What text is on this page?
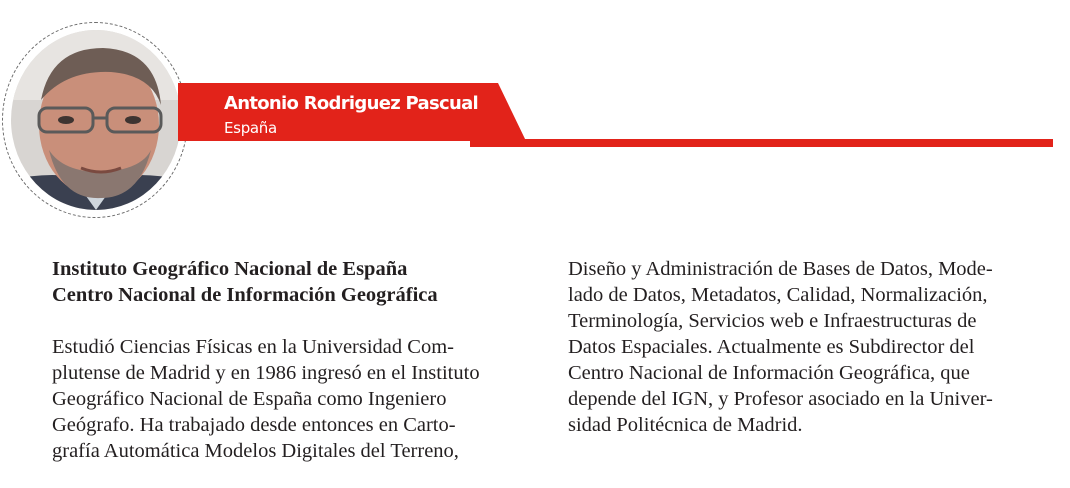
Antonio Rodriguez Pascual
España
Instituto Geográfico Nacional de España
Centro Nacional de Información Geográfica
Estudió Ciencias Físicas en la Universidad Com-
plutense de Madrid y en 1986 ingresó en el Instituto
Geográfico Nacional de España como Ingeniero
Geógrafo. Ha trabajado desde entonces en Carto-
grafía Automática Modelos Digitales del Terreno,
Diseño y Administración de Bases de Datos, Mode-
lado de Datos, Metadatos, Calidad, Normalización,
Terminología, Servicios web e Infraestructuras de
Datos Espaciales. Actualmente es Subdirector del
Centro Nacional de Información Geográfica, que
depende del IGN, y Profesor asociado en la Univer-
sidad Politécnica de Madrid.
